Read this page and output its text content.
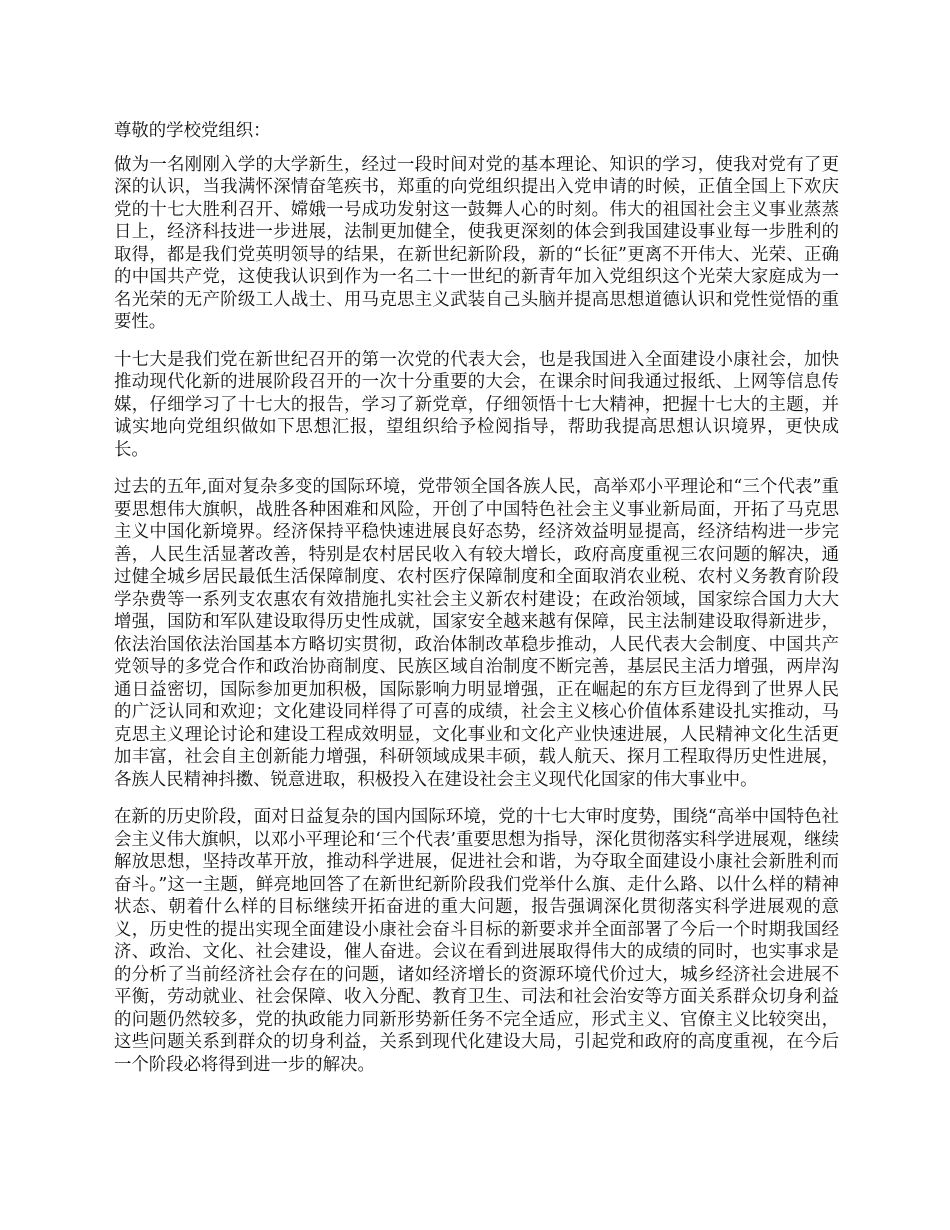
尊敬的学校党组织：

做为一名刚刚入学的大学新生，经过一段时间对党的基本理论、知识的学习，使我对党有了更深的认识，当我满怀深情奋笔疾书，郑重的向党组织提出入党申请的时候，正值全国上下欢庆党的十七大胜利召开、嫦娥一号成功发射这一鼓舞人心的时刻。伟大的祖国社会主义事业蒸蒸日上，经济科技进一步进展，法制更加健全，使我更深刻的体会到我国建设事业每一步胜利的取得，都是我们党英明领导的结果，在新世纪新阶段，新的“长征”更离不开伟大、光荣、正确的中国共产党，这使我认识到作为一名二十一世纪的新青年加入党组织这个光荣大家庭成为一名光荣的无产阶级工人战士、用马克思主义武装自己头脑并提高思想道德认识和党性觉悟的重要性。

十七大是我们党在新世纪召开的第一次党的代表大会，也是我国进入全面建设小康社会，加快推动现代化新的进展阶段召开的一次十分重要的大会，在课余时间我通过报纸、上网等信息传媒，仔细学习了十七大的报告，学习了新党章，仔细领悟十七大精神，把握十七大的主题，并诚实地向党组织做如下思想汇报，望组织给予检阅指导，帮助我提高思想认识境界，更快成长。

过去的五年,面对复杂多变的国际环境，党带领全国各族人民，高举邓小平理论和“三个代表”重要思想伟大旗帜，战胜各种困难和风险，开创了中国特色社会主义事业新局面，开拓了马克思主义中国化新境界。经济保持平稳快速进展良好态势，经济效益明显提高，经济结构进一步完善，人民生活显著改善，特别是农村居民收入有较大增长，政府高度重视三农问题的解决，通过健全城乡居民最低生活保障制度、农村医疗保障制度和全面取消农业税、农村义务教育阶段学杂费等一系列支农惠农有效措施扎实社会主义新农村建设；在政治领域，国家综合国力大大增强，国防和军队建设取得历史性成就，国家安全越来越有保障，民主法制建设取得新进步，依法治国依法治国基本方略切实贯彻，政治体制改革稳步推动，人民代表大会制度、中国共产党领导的多党合作和政治协商制度、民族区域自治制度不断完善，基层民主活力增强，两岸沟通日益密切，国际参加更加积极，国际影响力明显增强，正在崛起的东方巨龙得到了世界人民的广泛认同和欢迎；文化建设同样得了可喜的成绩，社会主义核心价值体系建设扎实推动，马克思主义理论讨论和建设工程成效明显，文化事业和文化产业快速进展，人民精神文化生活更加丰富，社会自主创新能力增强，科研领域成果丰硕，载人航天、探月工程取得历史性进展，各族人民精神抖擞、锐意进取，积极投入在建设社会主义现代化国家的伟大事业中。

在新的历史阶段，面对日益复杂的国内国际环境，党的十七大审时度势，围绕“高举中国特色社会主义伟大旗帜，以邓小平理论和‘三个代表’重要思想为指导，深化贯彻落实科学进展观，继续解放思想，坚持改革开放，推动科学进展，促进社会和谐，为夺取全面建设小康社会新胜利而奋斗。”这一主题，鲜亮地回答了在新世纪新阶段我们党举什么旗、走什么路、以什么样的精神状态、朝着什么样的目标继续开拓奋进的重大问题，报告强调深化贯彻落实科学进展观的意义，历史性的提出实现全面建设小康社会奋斗目标的新要求并全面部署了今后一个时期我国经济、政治、文化、社会建设，催人奋进。会议在看到进展取得伟大的成绩的同时，也实事求是的分析了当前经济社会存在的问题，诸如经济增长的资源环境代价过大，城乡经济社会进展不平衡，劳动就业、社会保障、收入分配、教育卫生、司法和社会治安等方面关系群众切身利益的问题仍然较多，党的执政能力同新形势新任务不完全适应，形式主义、官僚主义比较突出，这些问题关系到群众的切身利益，关系到现代化建设大局，引起党和政府的高度重视，在今后一个阶段必将得到进一步的解决。
